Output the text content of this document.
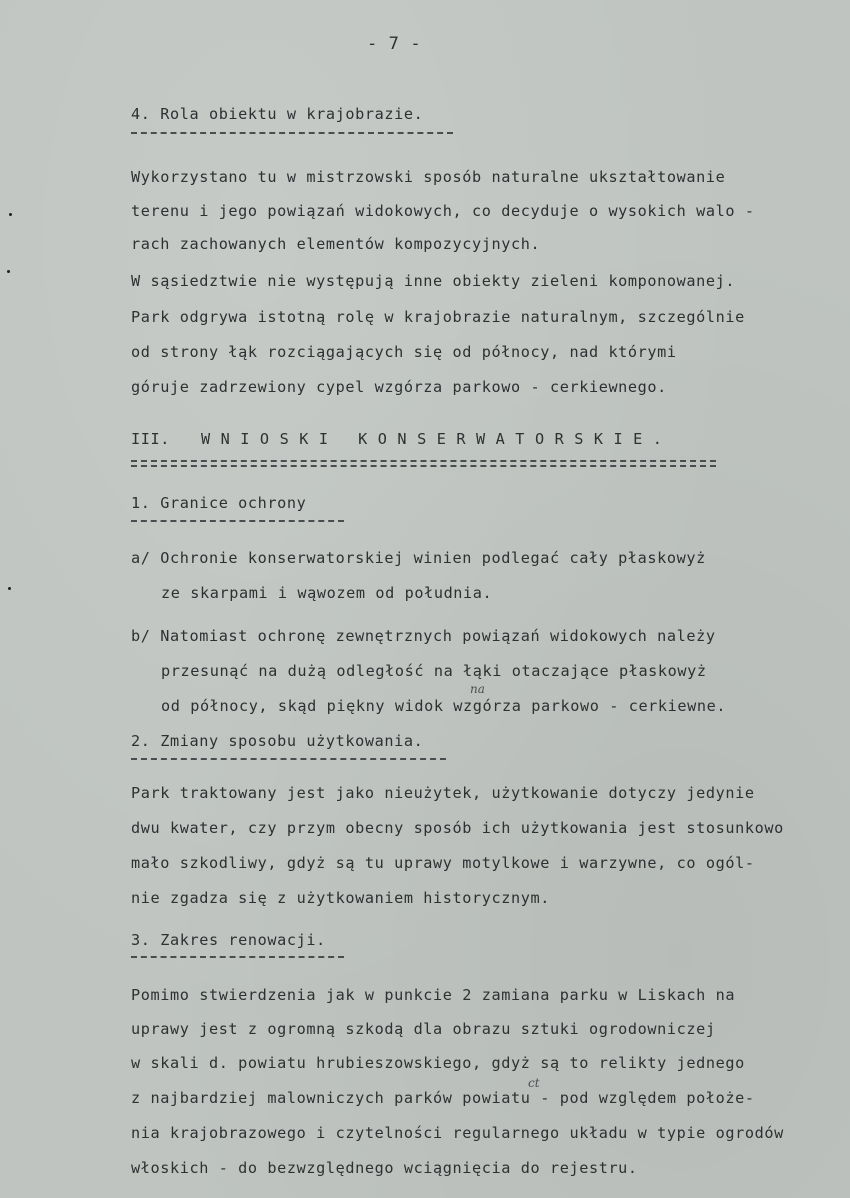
- 7 -
4. Rola obiektu w krajobrazie.
Wykorzystano tu w mistrzowski sposób naturalne ukształtowanie
terenu i jego powiązań widokowych, co decyduje o wysokich walo -
rach zachowanych elementów kompozycyjnych.
W sąsiedztwie nie występują inne obiekty zieleni komponowanej.
Park odgrywa istotną rolę w krajobrazie naturalnym, szczególnie
od strony łąk rozciągających się od północy, nad którymi
góruje zadrzewiony cypel wzgórza parkowo - cerkiewnego.
III. WNIOSKI KONSERWATORSKIE.
1. Granice ochrony
a/ Ochronie konserwatorskiej winien podlegać cały płaskowyż
ze skarpami i wąwozem od południa.
b/ Natomiast ochronę zewnętrznych powiązań widokowych należy
przesunąć na dużą odległość na łąki otaczające płaskowyż
od północy, skąd piękny widok wzgórza parkowo - cerkiewne.
na
2. Zmiany sposobu użytkowania.
Park traktowany jest jako nieużytek, użytkowanie dotyczy jedynie
dwu kwater, czy przym obecny sposób ich użytkowania jest stosunkowo
mało szkodliwy, gdyż są tu uprawy motylkowe i warzywne, co ogól-
nie zgadza się z użytkowaniem historycznym.
3. Zakres renowacji.
Pomimo stwierdzenia jak w punkcie 2 zamiana parku w Liskach na
uprawy jest z ogromną szkodą dla obrazu sztuki ogrodowniczej
w skali d. powiatu hrubieszowskiego, gdyż są to relikty jednego
z najbardziej malowniczych parków powiatu - pod względem położe-
ct
nia krajobrazowego i czytelności regularnego układu w typie ogrodów
włoskich - do bezwzględnego wciągnięcia do rejestru.
